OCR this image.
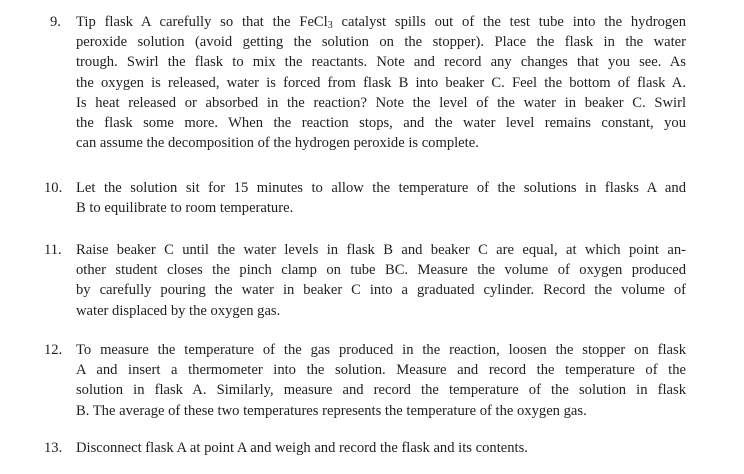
9. Tip flask A carefully so that the FeCl$_3$ catalyst spills out of the test tube into the hydrogen
peroxide solution (avoid getting the solution on the stopper). Place the flask in the water
trough. Swirl the flask to mix the reactants. Note and record any changes that you see. As
the oxygen is released, water is forced from flask B into beaker C. Feel the bottom of flask A.
Is heat released or absorbed in the reaction? Note the level of the water in beaker C. Swirl
the flask some more. When the reaction stops, and the water level remains constant, you
can assume the decomposition of the hydrogen peroxide is complete.
10. Let the solution sit for 15 minutes to allow the temperature of the solutions in flasks A and
B to equilibrate to room temperature.
11. Raise beaker C until the water levels in flask B and beaker C are equal, at which point an-
other student closes the pinch clamp on tube BC. Measure the volume of oxygen produced
by carefully pouring the water in beaker C into a graduated cylinder. Record the volume of
water displaced by the oxygen gas.
12. To measure the temperature of the gas produced in the reaction, loosen the stopper on flask
A and insert a thermometer into the solution. Measure and record the temperature of the
solution in flask A. Similarly, measure and record the temperature of the solution in flask
B. The average of these two temperatures represents the temperature of the oxygen gas.
13. Disconnect flask A at point A and weigh and record the flask and its contents.
